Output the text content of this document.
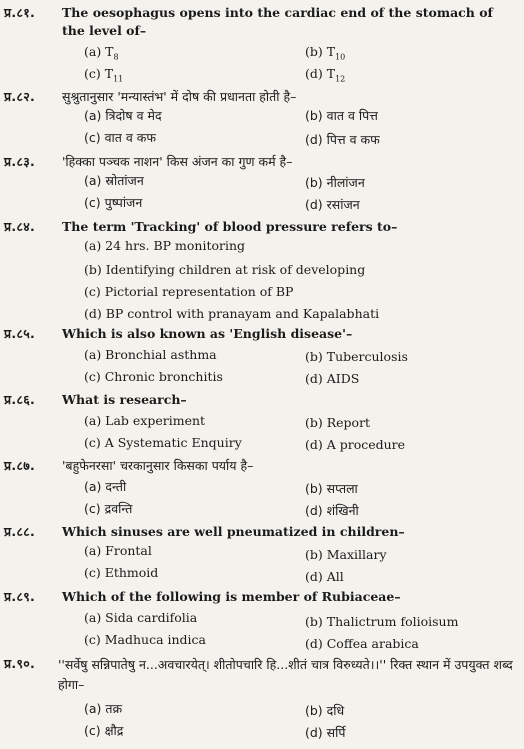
प्र.८१. The oesophagus opens into the cardiac end of the stomach of the level of–
(a) $T_8$	(b) $T_{10}$
(c) $T_{11}$	(d) $T_{12}$
प्र.८२. सुश्रुतानुसार 'मन्यास्तंभ' में दोष की प्रधानता होती है–
(a) त्रिदोष व मेद	(b) वात व पित्त
(c) वात व कफ	(d) पित्त व कफ
प्र.८३. 'हिक्का पञ्चक नाशन' किस अंजन का गुण कर्म है–
(a) स्रोतांजन	(b) नीलांजन
(c) पुष्पांजन	(d) रसांजन
प्र.८४. The term 'Tracking' of blood pressure refers to–
(a) 24 hrs. BP monitoring
(b) Identifying children at risk of developing
(c) Pictorial representation of BP
(d) BP control with pranayam and Kapalabhati
प्र.८५. Which is also known as 'English disease'–
(a) Bronchial asthma	(b) Tuberculosis
(c) Chronic bronchitis	(d) AIDS
प्र.८६. What is research–
(a) Lab experiment	(b) Report
(c) A Systematic Enquiry	(d) A procedure
प्र.८७. 'बहुफेनरसा' चरकानुसार किसका पर्याय है–
(a) दन्ती	(b) सप्तला
(c) द्रवन्ति	(d) शंखिनी
प्र.८८. Which sinuses are well pneumatized in children–
(a) Frontal	(b) Maxillary
(c) Ethmoid	(d) All
प्र.८९. Which of the following is member of Rubiaceae–
(a) Sida cardifolia	(b) Thalictrum folioisum
(c) Madhuca indica	(d) Coffea arabica
प्र.९०. ''सर्वेषु सन्निपातेषु न...अवचारयेत्। शीतोपचारि हि...शीतं चात्र विरुध्यते।।'' रिक्त स्थान में उपयुक्त शब्द होगा–
(a) तक्र	(b) दधि
(c) क्षौद्र	(d) सर्पि
